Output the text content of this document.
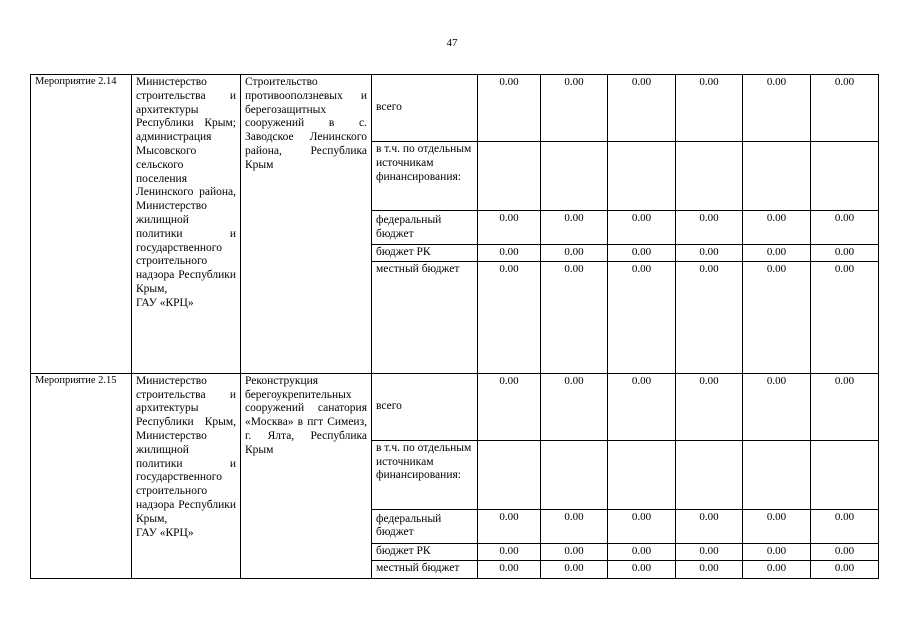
47
Мероприятие 2.14	Министерство строительства и архитектуры Республики Крым; администрация Мысовского сельского поселения Ленинского района, Министерство жилищной политики и государственного строительного надзора Республики Крым,
ГАУ «КРЦ»	Строительство противооползневых и берегозащитных сооружений в с. Заводское Ленинского района, Республика Крым	всего	0.00	0.00	0.00	0.00	0.00	0.00
			в т.ч. по отдельным источникам финансирования:						
			федеральный бюджет	0.00	0.00	0.00	0.00	0.00	0.00
			бюджет РК	0.00	0.00	0.00	0.00	0.00	0.00
			местный бюджет	0.00	0.00	0.00	0.00	0.00	0.00
Мероприятие 2.15	Министерство строительства и архитектуры Республики Крым, Министерство жилищной политики и государственного строительного надзора Республики Крым,
ГАУ «КРЦ»	Реконструкция берегоукрепительных сооружений санатория «Москва» в пгт Симеиз, г. Ялта, Республика Крым	всего	0.00	0.00	0.00	0.00	0.00	0.00
			в т.ч. по отдельным источникам финансирования:						
			федеральный бюджет	0.00	0.00	0.00	0.00	0.00	0.00
			бюджет РК	0.00	0.00	0.00	0.00	0.00	0.00
			местный бюджет	0.00	0.00	0.00	0.00	0.00	0.00
